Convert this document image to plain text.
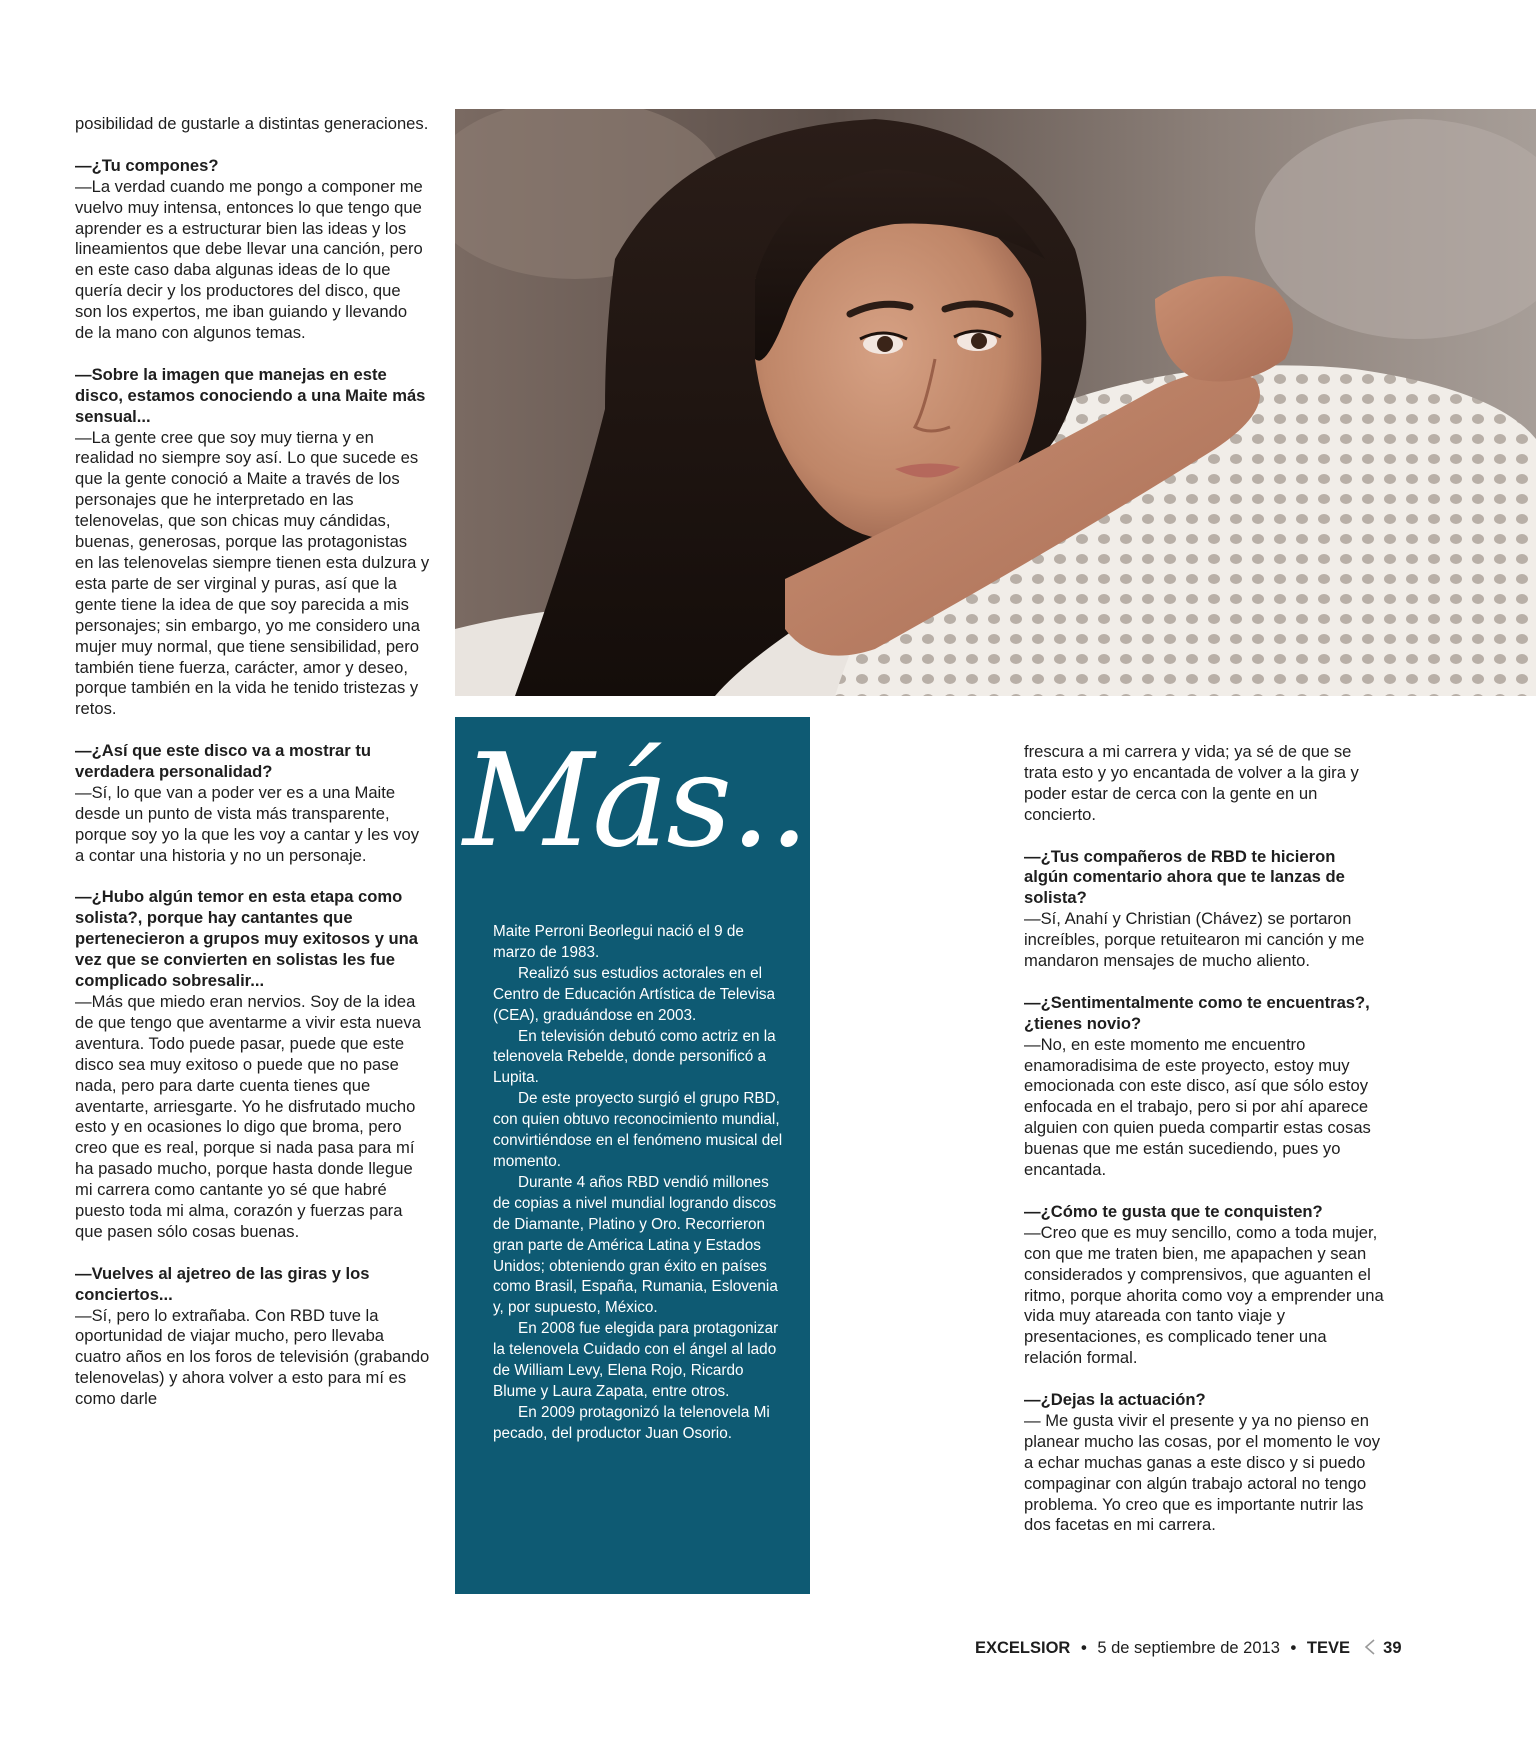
posibilidad de gustarle a distintas generaciones.

—¿Tu compones?

—La verdad cuando me pongo a componer me vuelvo muy intensa, entonces lo que tengo que aprender es a estructurar bien las ideas y los lineamientos que debe llevar una canción, pero en este caso daba algunas ideas de lo que quería decir y los productores del disco, que son los expertos, me iban guiando y llevando de la mano con algunos temas.

—Sobre la imagen que manejas en este disco, estamos conociendo a una Maite más sensual...

—La gente cree que soy muy tierna y en realidad no siempre soy así. Lo que sucede es que la gente conoció a Maite a través de los personajes que he interpretado en las telenovelas, que son chicas muy cándidas, buenas, generosas, porque las protagonistas en las telenovelas siempre tienen esta dulzura y esta parte de ser virginal y puras, así que la gente tiene la idea de que soy parecida a mis personajes; sin embargo, yo me considero una mujer muy normal, que tiene sensibilidad, pero también tiene fuerza, carácter, amor y deseo, porque también en la vida he tenido tristezas y retos.

—¿Así que este disco va a mostrar tu verdadera personalidad?

—Sí, lo que van a poder ver es a una Maite desde un punto de vista más transparente, porque soy yo la que les voy a cantar y les voy a contar una historia y no un personaje.

—¿Hubo algún temor en esta etapa como solista?, porque hay cantantes que pertenecieron a grupos muy exitosos y una vez que se convierten en solistas les fue complicado sobresalir...

—Más que miedo eran nervios. Soy de la idea de que tengo que aventarme a vivir esta nueva aventura. Todo puede pasar, puede que este disco sea muy exitoso o puede que no pase nada, pero para darte cuenta tienes que aventarte, arriesgarte. Yo he disfrutado mucho esto y en ocasiones lo digo que broma, pero creo que es real, porque si nada pasa para mí ha pasado mucho, porque hasta donde llegue mi carrera como cantante yo sé que habré puesto toda mi alma, corazón y fuerzas para que pasen sólo cosas buenas.

—Vuelves al ajetreo de las giras y los conciertos...

—Sí, pero lo extrañaba. Con RBD tuve la oportunidad de viajar mucho, pero llevaba cuatro años en los foros de televisión (grabando telenovelas) y ahora volver a esto para mí es como darle

Más...

Maite Perroni Beorlegui nació el 9 de marzo de 1983.

Realizó sus estudios actorales en el Centro de Educación Artística de Televisa (CEA), graduándose en 2003.

En televisión debutó como actriz en la telenovela Rebelde, donde personificó a Lupita.

De este proyecto surgió el grupo RBD, con quien obtuvo reconocimiento mundial, convirtiéndose en el fenómeno musical del momento.

Durante 4 años RBD vendió millones de copias a nivel mundial logrando discos de Diamante, Platino y Oro. Recorrieron gran parte de América Latina y Estados Unidos; obteniendo gran éxito en países como Brasil, España, Rumania, Eslovenia y, por supuesto, México.

En 2008 fue elegida para protagonizar la telenovela Cuidado con el ángel al lado de William Levy, Elena Rojo, Ricardo Blume y Laura Zapata, entre otros.

En 2009 protagonizó la telenovela Mi pecado, del productor Juan Osorio.

frescura a mi carrera y vida; ya sé de que se trata esto y yo encantada de volver a la gira y poder estar de cerca con la gente en un concierto.

—¿Tus compañeros de RBD te hicieron algún comentario ahora que te lanzas de solista?

—Sí, Anahí y Christian (Chávez) se portaron increíbles, porque retuitearon mi canción y me mandaron mensajes de mucho aliento.

—¿Sentimentalmente como te encuentras?, ¿tienes novio?

—No, en este momento me encuentro enamoradisima de este proyecto, estoy muy emocionada con este disco, así que sólo estoy enfocada en el trabajo, pero si por ahí aparece alguien con quien pueda compartir estas cosas buenas que me están sucediendo, pues yo encantada.

—¿Cómo te gusta que te conquisten?

—Creo que es muy sencillo, como a toda mujer, con que me traten bien, me apapachen y sean considerados y comprensivos, que aguanten el ritmo, porque ahorita como voy a emprender una vida muy atareada con tanto viaje y presentaciones, es complicado tener una relación formal.

—¿Dejas la actuación?

— Me gusta vivir el presente y ya no pienso en planear mucho las cosas, por el momento le voy a echar muchas ganas a este disco y si puedo compaginar con algún trabajo actoral no tengo problema. Yo creo que es importante nutrir las dos facetas en mi carrera.

EXCELSIOR • 5 de septiembre de 2013 • TEVE 39
